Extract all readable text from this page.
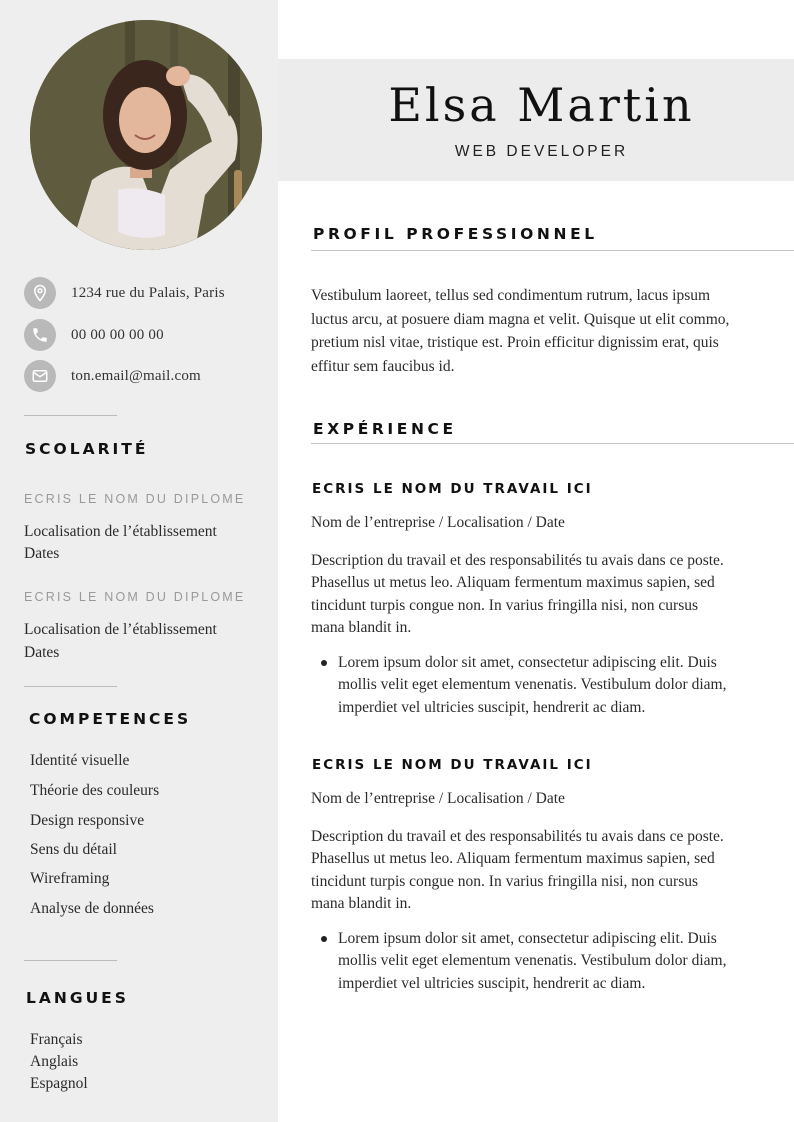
1234 rue du Palais, Paris
00 00 00 00 00
ton.email@mail.com
SCOLARITÉ
ECRIS LE NOM DU DIPLOME
Localisation de l’établissement
Dates
ECRIS LE NOM DU DIPLOME
Localisation de l’établissement
Dates
COMPETENCES
Identité visuelle
Théorie des couleurs
Design responsive
Sens du détail
Wireframing
Analyse de données
LANGUES
Français
Anglais
Espagnol
Elsa Martin
WEB DEVELOPER
PROFIL PROFESSIONNEL
Vestibulum laoreet, tellus sed condimentum rutrum, lacus ipsum
luctus arcu, at posuere diam magna et velit. Quisque ut elit commo,
pretium nisl vitae, tristique est. Proin efficitur dignissim erat, quis
effitur sem faucibus id.
EXPÉRIENCE
ECRIS LE NOM DU TRAVAIL ICI
Nom de l’entreprise / Localisation / Date
Description du travail et des responsabilités tu avais dans ce poste.
Phasellus ut metus leo. Aliquam fermentum maximus sapien, sed
tincidunt turpis congue non. In varius fringilla nisi, non cursus
mana blandit in.
Lorem ipsum dolor sit amet, consectetur adipiscing elit. Duis
mollis velit eget elementum venenatis. Vestibulum dolor diam,
imperdiet vel ultricies suscipit, hendrerit ac diam.
ECRIS LE NOM DU TRAVAIL ICI
Nom de l’entreprise / Localisation / Date
Description du travail et des responsabilités tu avais dans ce poste.
Phasellus ut metus leo. Aliquam fermentum maximus sapien, sed
tincidunt turpis congue non. In varius fringilla nisi, non cursus
mana blandit in.
Lorem ipsum dolor sit amet, consectetur adipiscing elit. Duis
mollis velit eget elementum venenatis. Vestibulum dolor diam,
imperdiet vel ultricies suscipit, hendrerit ac diam.
